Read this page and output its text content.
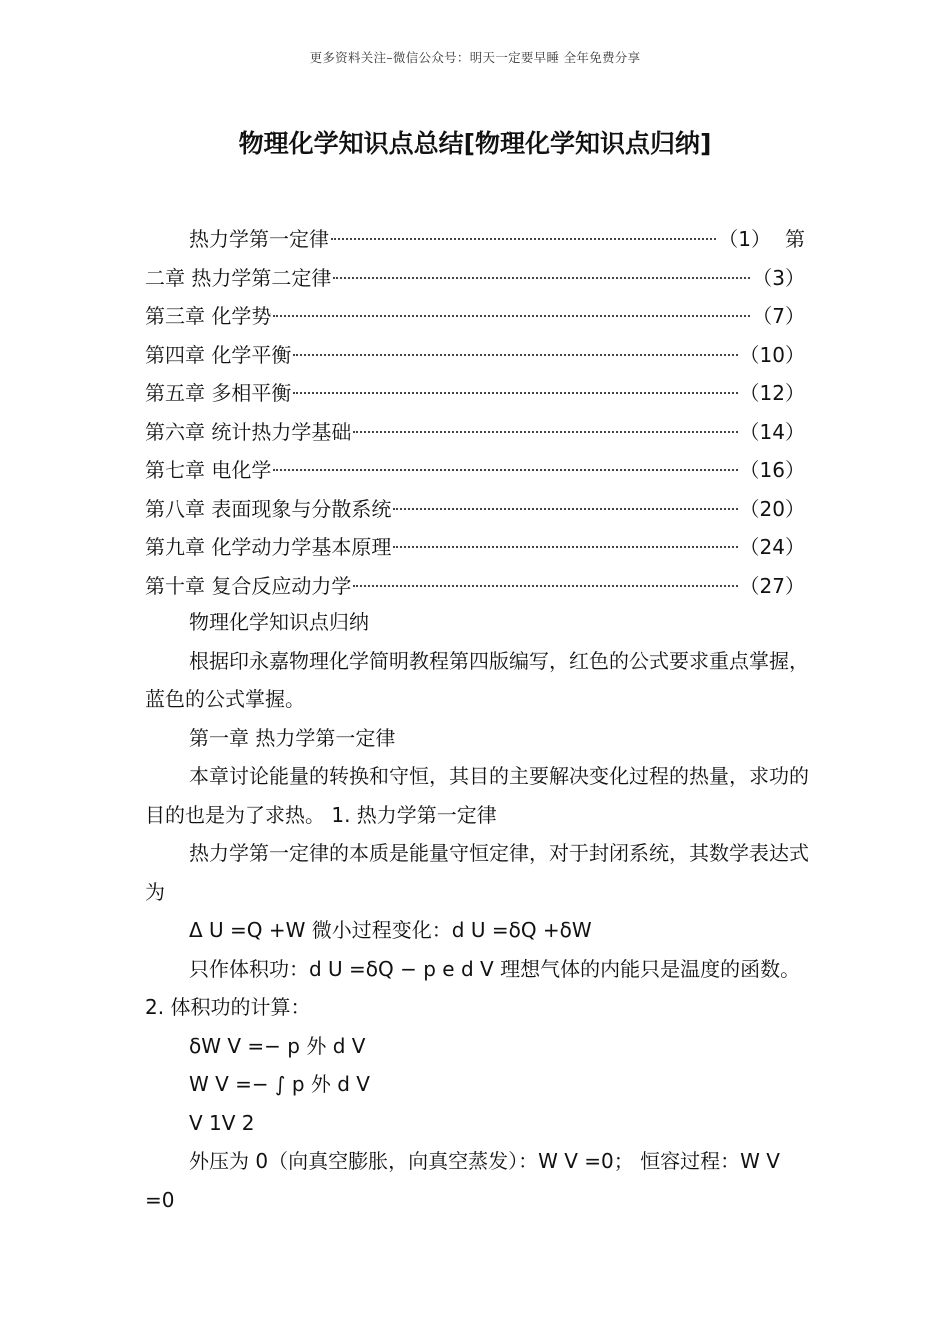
更多资料关注–微信公众号：明天一定要早睡 全年免费分享
物理化学知识点总结[物理化学知识点归纳]
热力学第一定律	（1） 第
二章 热力学第二定律	（3）
第三章 化学势	（7）
第四章 化学平衡	（10）
第五章 多相平衡	（12）
第六章 统计热力学基础	（14）
第七章 电化学	（16）
第八章 表面现象与分散系统	（20）
第九章 化学动力学基本原理	（24）
第十章 复合反应动力学	（27）

物理化学知识点归纳

根据印永嘉物理化学简明教程第四版编写，红色的公式要求重点掌握，蓝色的公式掌握。

第一章 热力学第一定律

本章讨论能量的转换和守恒，其目的主要解决变化过程的热量，求功的目的也是为了求热。 1. 热力学第一定律

热力学第一定律的本质是能量守恒定律，对于封闭系统，其数学表达式为

Δ U =Q +W 微小过程变化：d U =δQ +δW

只作体积功：d U =δQ − p e d V 理想气体的内能只是温度的函数。 2. 体积功的计算：

δW V =− p 外 d V

W V =− ∫ p 外 d V

V 1V 2

外压为 0（向真空膨胀，向真空蒸发）：W V =0； 恒容过程：W V =0
